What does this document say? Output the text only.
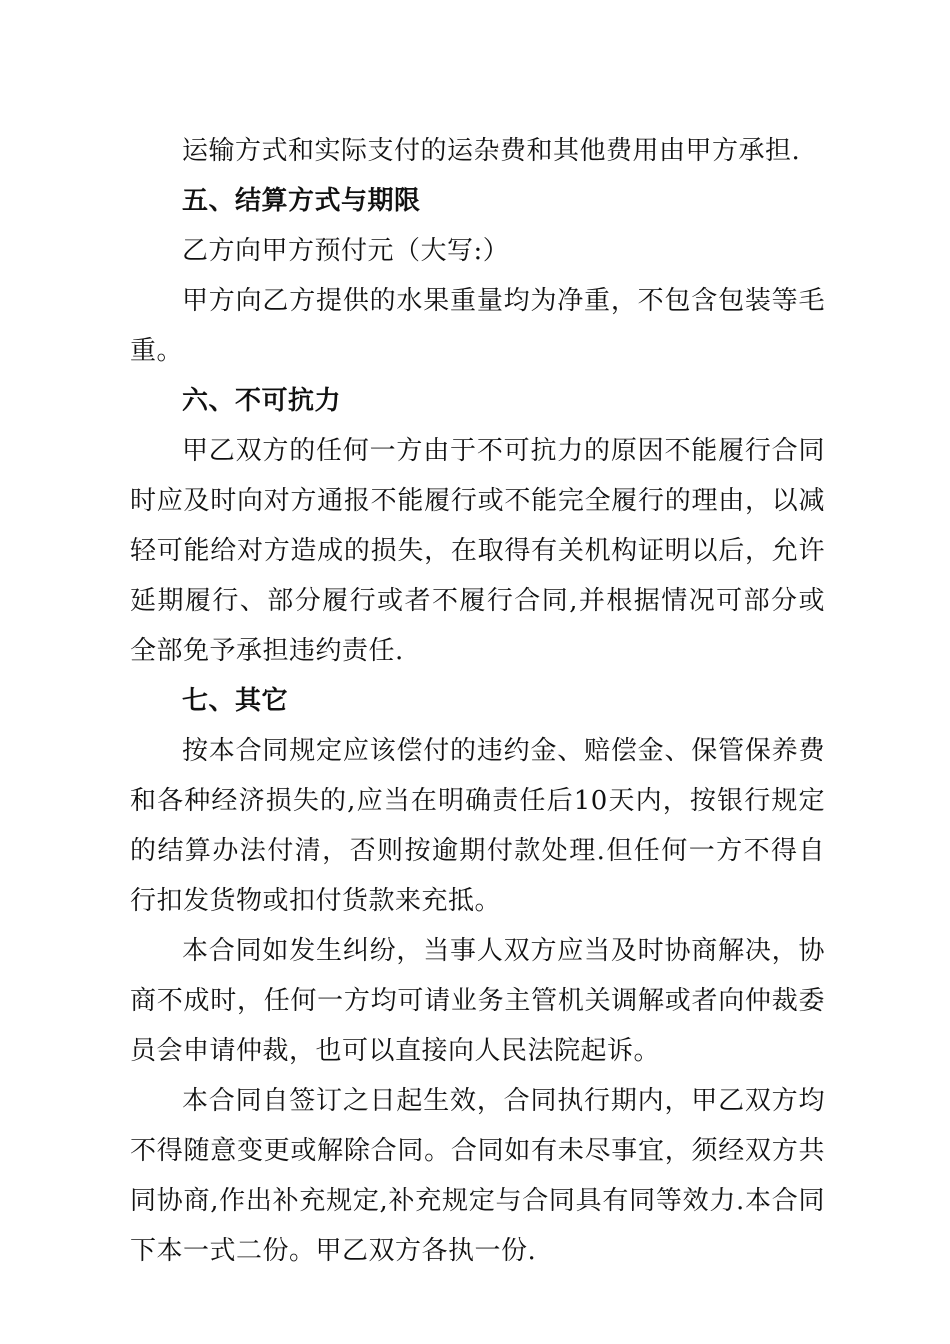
运输方式和实际支付的运杂费和其他费用由甲方承担.

五、结算方式与期限

乙方向甲方预付元（大写:）

甲方向乙方提供的水果重量均为净重，不包含包装等毛重。

六、不可抗力

甲乙双方的任何一方由于不可抗力的原因不能履行合同时应及时向对方通报不能履行或不能完全履行的理由，以减轻可能给对方造成的损失，在取得有关机构证明以后，允许延期履行、部分履行或者不履行合同,并根据情况可部分或全部免予承担违约责任.

七、其它

按本合同规定应该偿付的违约金、赔偿金、保管保养费和各种经济损失的,应当在明确责任后10天内，按银行规定的结算办法付清，否则按逾期付款处理.但任何一方不得自行扣发货物或扣付货款来充抵。

本合同如发生纠纷，当事人双方应当及时协商解决，协商不成时，任何一方均可请业务主管机关调解或者向仲裁委员会申请仲裁，也可以直接向人民法院起诉。

本合同自签订之日起生效，合同执行期内，甲乙双方均不得随意变更或解除合同。合同如有未尽事宜，须经双方共同协商,作出补充规定,补充规定与合同具有同等效力.本合同下本一式二份。甲乙双方各执一份.
